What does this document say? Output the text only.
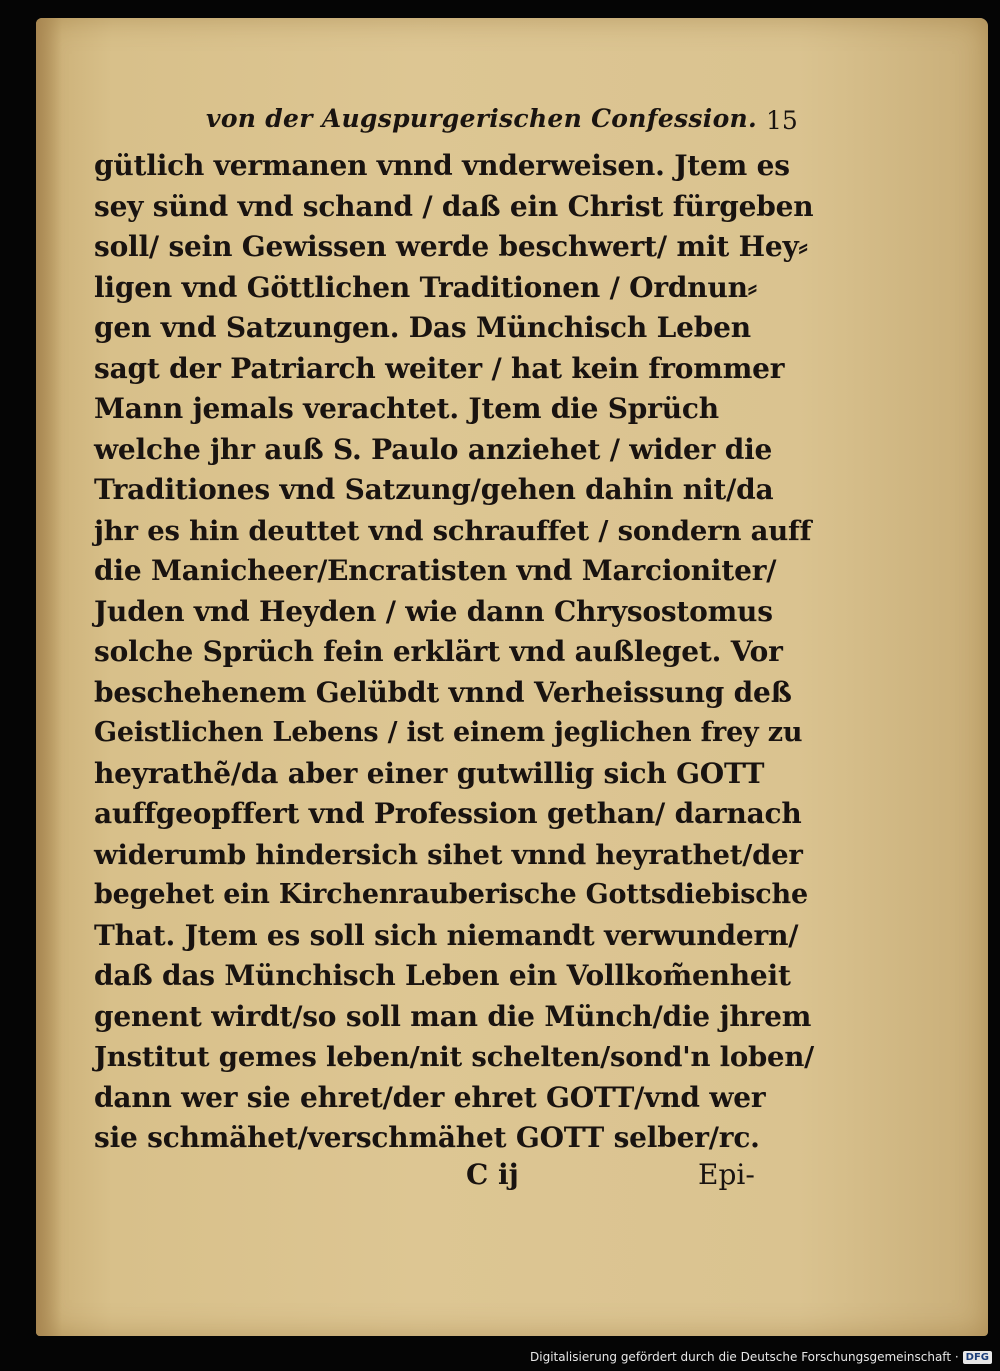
von der Augspurgerischen Confession. 15
gütlich vermanen vnnd vnderweisen. Jtem es
sey sünd vnd schand / daß ein Christ fürgeben
soll/ sein Gewissen werde beschwert/ mit Hey⸗
ligen vnd Göttlichen Traditionen / Ordnun⸗
gen vnd Satzungen. Das Münchisch Leben
sagt der Patriarch weiter / hat kein frommer
Mann jemals verachtet. Jtem die Sprüch
welche jhr auß S. Paulo anziehet / wider die
Traditiones vnd Satzung/gehen dahin nit/da
jhr es hin deuttet vnd schrauffet / sondern auff
die Manicheer/Encratisten vnd Marcioniter/
Juden vnd Heyden / wie dann Chrysostomus
solche Sprüch fein erklärt vnd außleget. Vor
beschehenem Gelübdt vnnd Verheissung deß
Geistlichen Lebens / ist einem jeglichen frey zu
heyrathẽ/da aber einer gutwillig sich GOTT
auffgeopffert vnd Profession gethan/ darnach
widerumb hindersich sihet vnnd heyrathet/der
begehet ein Kirchenrauberische Gottsdiebische
That. Jtem es soll sich niemandt verwundern/
daß das Münchisch Leben ein Vollkom̃enheit
genent wirdt/so soll man die Münch/die jhrem
Jnstitut gemes leben/nit schelten/sond'n loben/
dann wer sie ehret/der ehret GOTT/vnd wer
sie schmähet/verschmähet GOTT selber/rc.
C ij	Epi-
Digitalisierung gefördert durch die Deutsche Forschungsgemeinschaft · DFG
